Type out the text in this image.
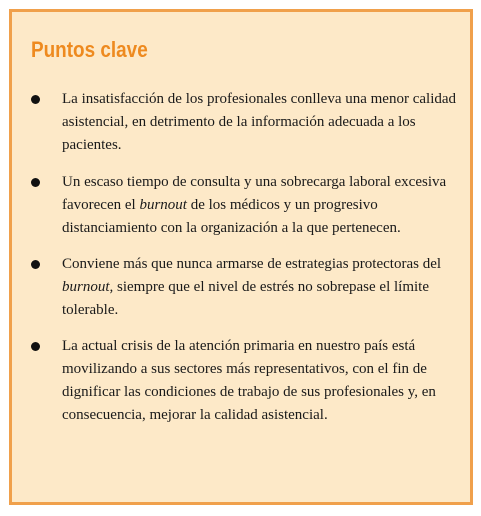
Puntos clave
La insatisfacción de los profesionales conlleva una menor calidad asistencial, en detrimento de la información adecuada a los pacientes.
Un escaso tiempo de consulta y una sobrecarga laboral excesiva favorecen el burnout de los médicos y un progresivo distanciamiento con la organización a la que pertenecen.
Conviene más que nunca armarse de estrategias protectoras del burnout, siempre que el nivel de estrés no sobrepase el límite tolerable.
La actual crisis de la atención primaria en nuestro país está movilizando a sus sectores más representativos, con el fin de dignificar las condiciones de trabajo de sus profesionales y, en consecuencia, mejorar la calidad asistencial.
